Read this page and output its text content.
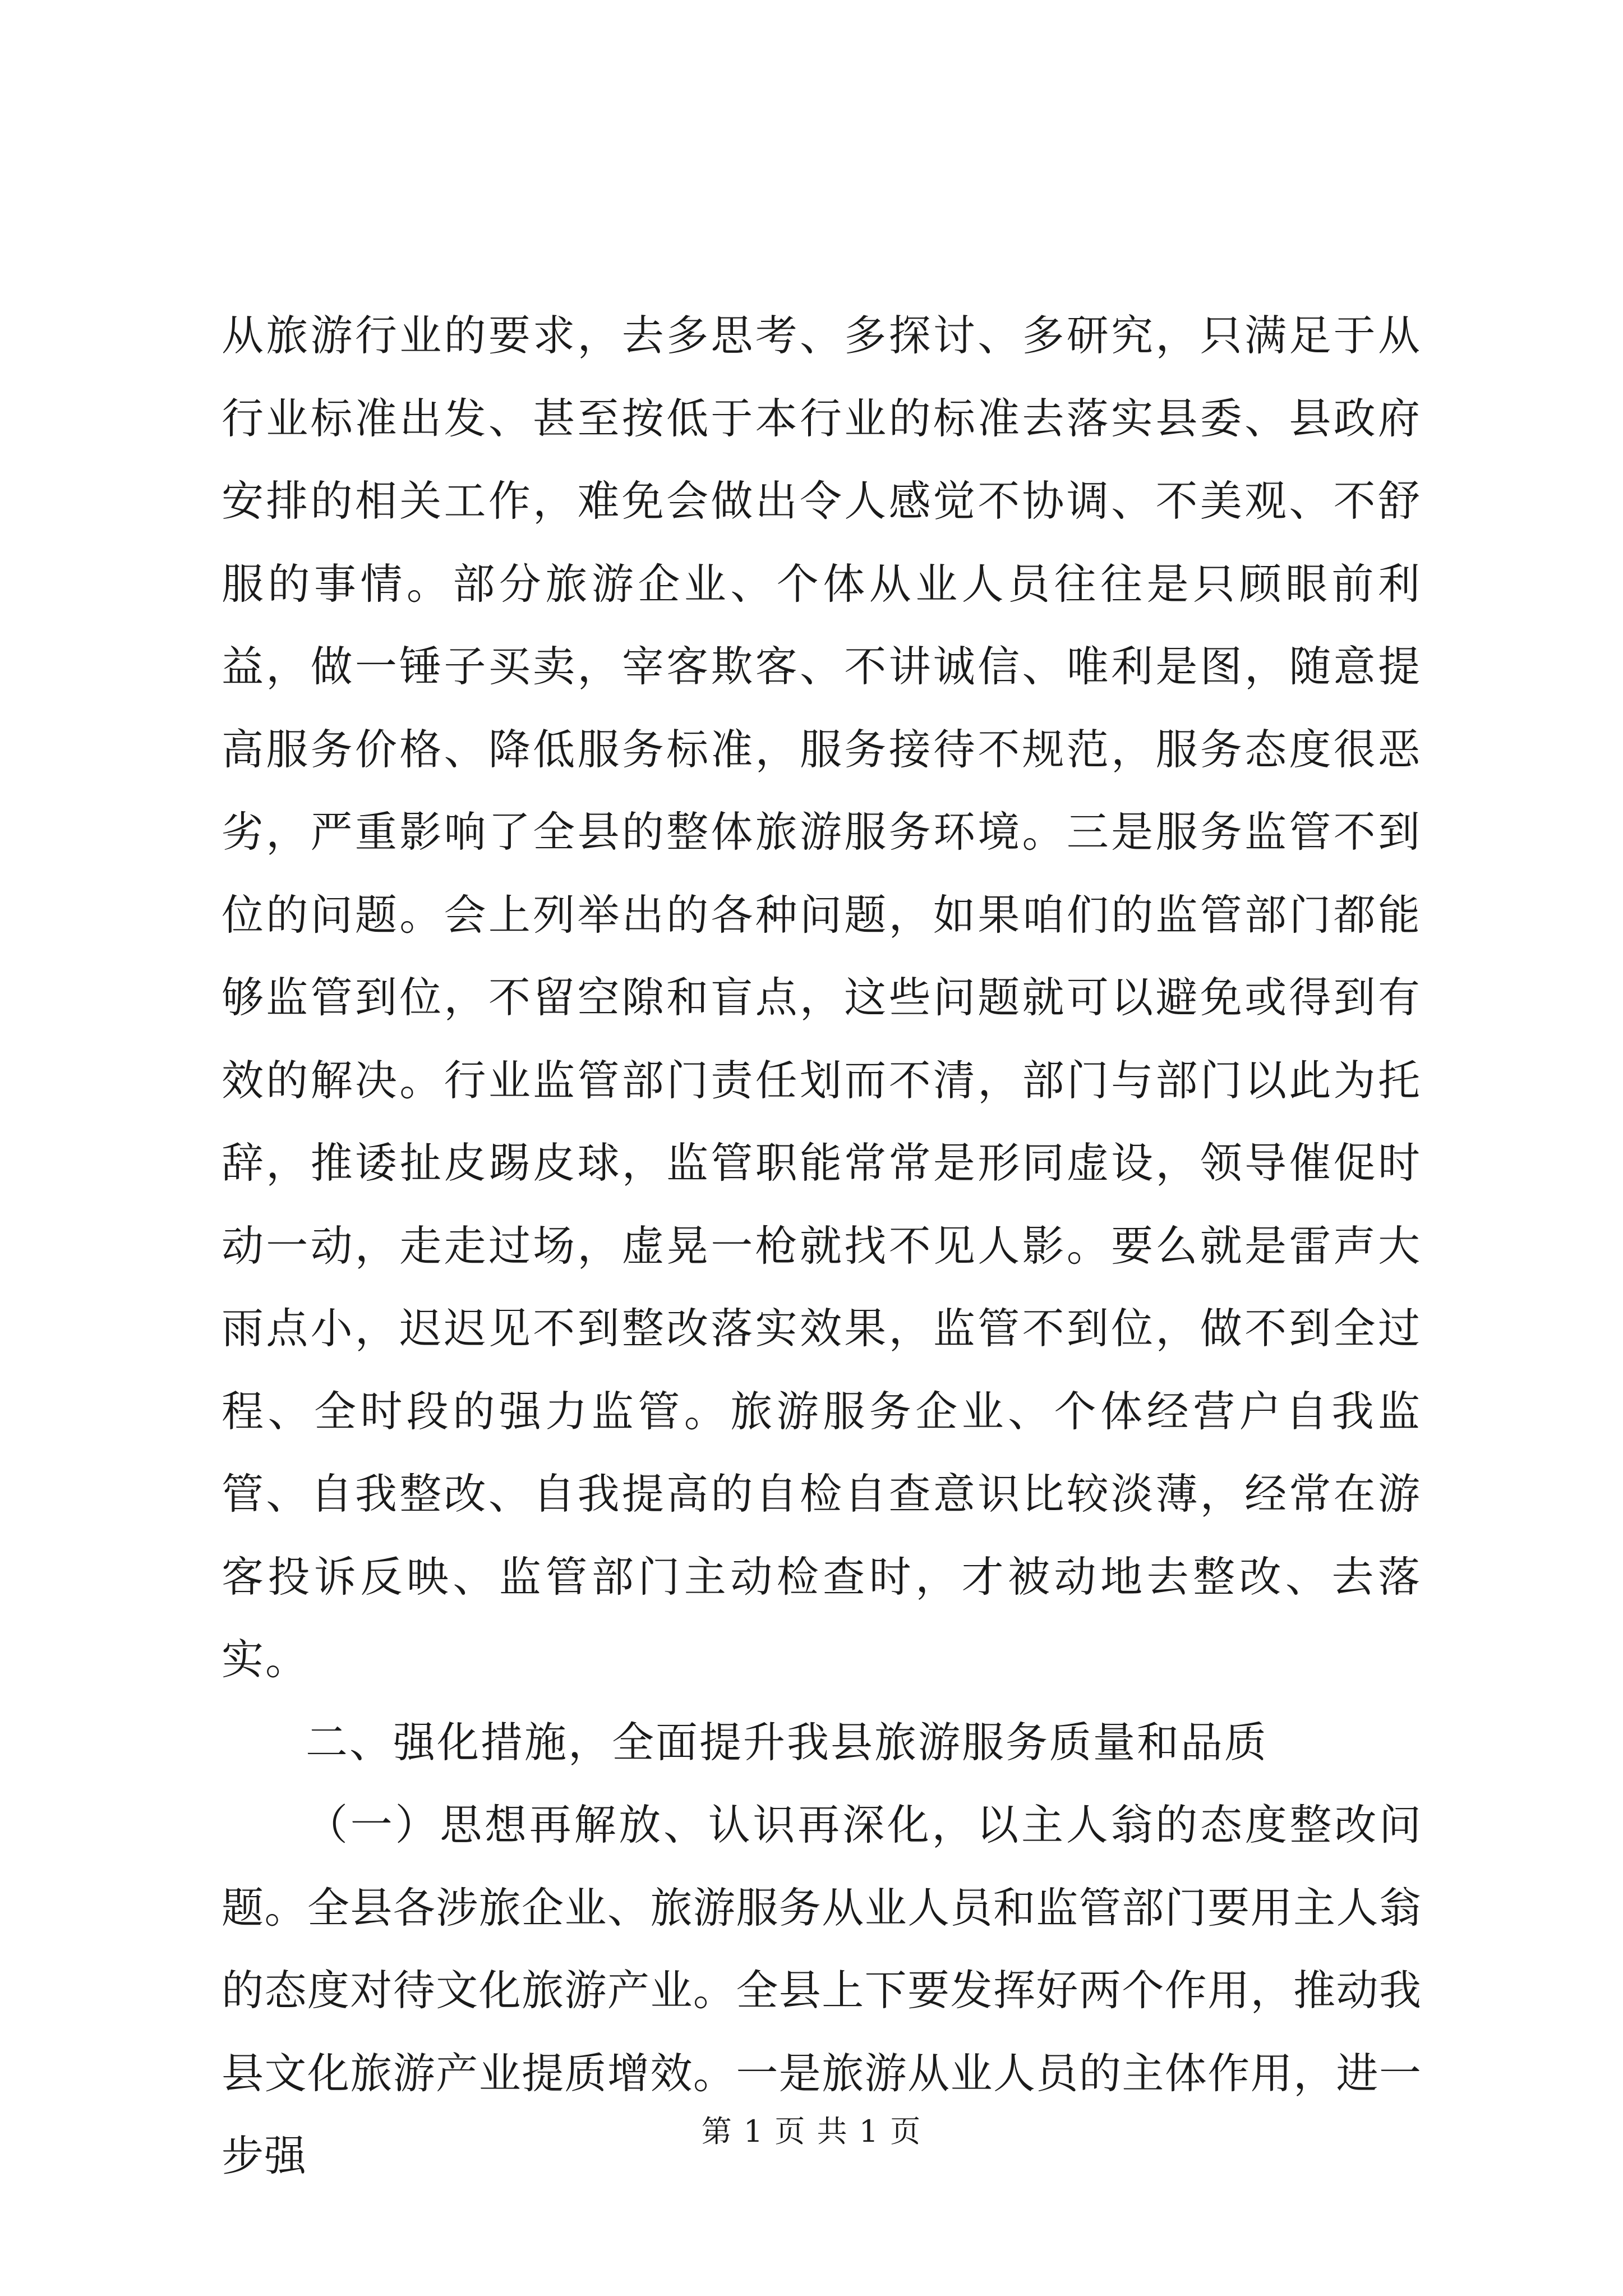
从旅游行业的要求，去多思考、多探讨、多研究，只满足于从行业标准出发、甚至按低于本行业的标准去落实县委、县政府安排的相关工作，难免会做出令人感觉不协调、不美观、不舒服的事情。部分旅游企业、个体从业人员往往是只顾眼前利益，做一锤子买卖，宰客欺客、不讲诚信、唯利是图，随意提高服务价格、降低服务标准，服务接待不规范，服务态度很恶劣，严重影响了全县的整体旅游服务环境。三是服务监管不到位的问题。会上列举出的各种问题，如果咱们的监管部门都能够监管到位，不留空隙和盲点，这些问题就可以避免或得到有效的解决。行业监管部门责任划而不清，部门与部门以此为托辞，推诿扯皮踢皮球，监管职能常常是形同虚设，领导催促时动一动，走走过场，虚晃一枪就找不见人影。要么就是雷声大雨点小，迟迟见不到整改落实效果，监管不到位，做不到全过程、全时段的强力监管。旅游服务企业、个体经营户自我监管、自我整改、自我提高的自检自查意识比较淡薄，经常在游客投诉反映、监管部门主动检查时，才被动地去整改、去落实。

二、强化措施，全面提升我县旅游服务质量和品质

（一）思想再解放、认识再深化，以主人翁的态度整改问题。全县各涉旅企业、旅游服务从业人员和监管部门要用主人翁的态度对待文化旅游产业。全县上下要发挥好两个作用，推动我县文化旅游产业提质增效。一是旅游从业人员的主体作用，进一步强	第 1 页 共 1 页
